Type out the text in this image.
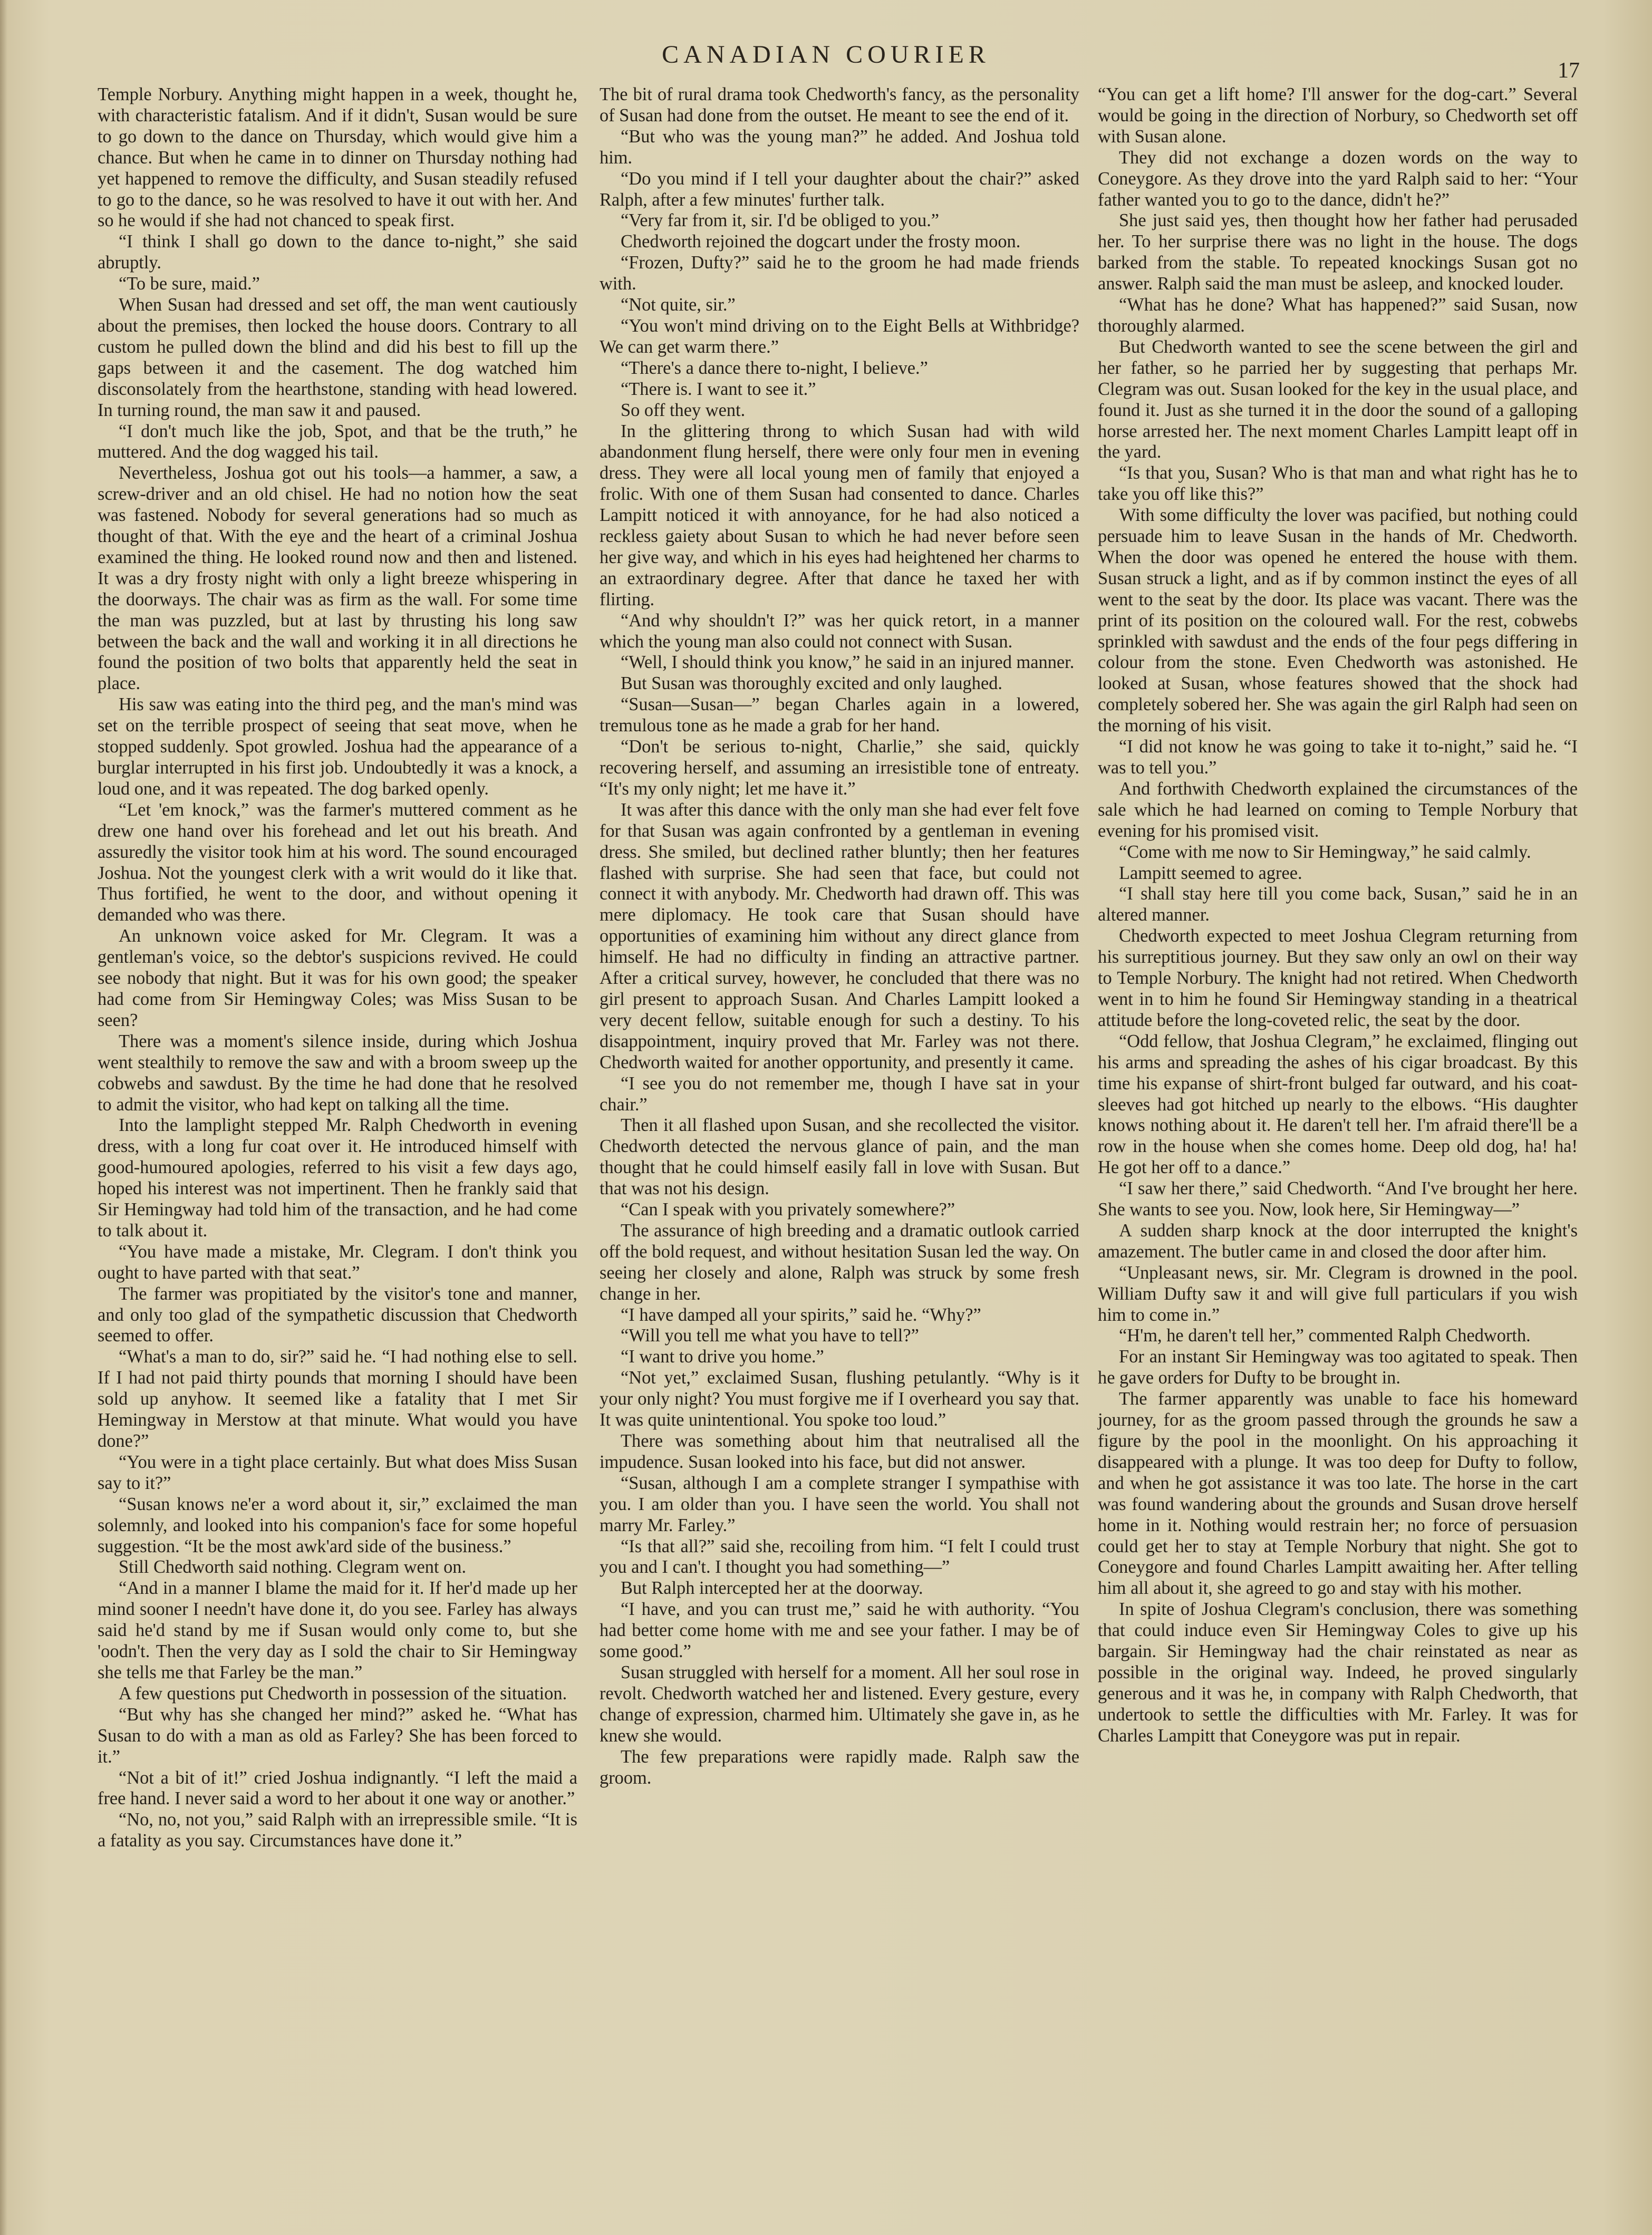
CANADIAN COURIER
17

Temple Norbury. Anything might happen in a week, thought he, with characteristic fatalism. And if it didn't, Susan would be sure to go down to the dance on Thursday, which would give him a chance. But when he came in to dinner on Thursday nothing had yet happened to remove the difficulty, and Susan steadily refused to go to the dance, so he was resolved to have it out with her. And so he would if she had not chanced to speak first.

“I think I shall go down to the dance to-night,” she said abruptly.

“To be sure, maid.”

When Susan had dressed and set off, the man went cautiously about the premises, then locked the house doors. Contrary to all custom he pulled down the blind and did his best to fill up the gaps between it and the casement. The dog watched him disconsolately from the hearthstone, standing with head lowered. In turning round, the man saw it and paused.

“I don't much like the job, Spot, and that be the truth,” he muttered. And the dog wagged his tail.

Nevertheless, Joshua got out his tools—a hammer, a saw, a screw-driver and an old chisel. He had no notion how the seat was fastened. Nobody for several generations had so much as thought of that. With the eye and the heart of a criminal Joshua examined the thing. He looked round now and then and listened. It was a dry frosty night with only a light breeze whispering in the doorways. The chair was as firm as the wall. For some time the man was puzzled, but at last by thrusting his long saw between the back and the wall and working it in all directions he found the position of two bolts that apparently held the seat in place.

His saw was eating into the third peg, and the man's mind was set on the terrible prospect of seeing that seat move, when he stopped suddenly. Spot growled. Joshua had the appearance of a burglar interrupted in his first job. Undoubtedly it was a knock, a loud one, and it was repeated. The dog barked openly.

“Let 'em knock,” was the farmer's muttered comment as he drew one hand over his forehead and let out his breath. And assuredly the visitor took him at his word. The sound encouraged Joshua. Not the youngest clerk with a writ would do it like that. Thus fortified, he went to the door, and without opening it demanded who was there.

An unknown voice asked for Mr. Clegram. It was a gentleman's voice, so the debtor's suspicions revived. He could see nobody that night. But it was for his own good; the speaker had come from Sir Hemingway Coles; was Miss Susan to be seen?

There was a moment's silence inside, during which Joshua went stealthily to remove the saw and with a broom sweep up the cobwebs and sawdust. By the time he had done that he resolved to admit the visitor, who had kept on talking all the time.

Into the lamplight stepped Mr. Ralph Chedworth in evening dress, with a long fur coat over it. He introduced himself with good-humoured apologies, referred to his visit a few days ago, hoped his interest was not impertinent. Then he frankly said that Sir Hemingway had told him of the transaction, and he had come to talk about it.

“You have made a mistake, Mr. Clegram. I don't think you ought to have parted with that seat.”

The farmer was propitiated by the visitor's tone and manner, and only too glad of the sympathetic discussion that Chedworth seemed to offer.

“What's a man to do, sir?” said he. “I had nothing else to sell. If I had not paid thirty pounds that morning I should have been sold up anyhow. It seemed like a fatality that I met Sir Hemingway in Merstow at that minute. What would you have done?”

“You were in a tight place certainly. But what does Miss Susan say to it?”

“Susan knows ne'er a word about it, sir,” exclaimed the man solemnly, and looked into his companion's face for some hopeful suggestion. “It be the most awk'ard side of the business.”

Still Chedworth said nothing. Clegram went on.

“And in a manner I blame the maid for it. If her'd made up her mind sooner I needn't have done it, do you see. Farley has always said he'd stand by me if Susan would only come to, but she 'oodn't. Then the very day as I sold the chair to Sir Hemingway she tells me that Farley be the man.”

A few questions put Chedworth in possession of the situation.

“But why has she changed her mind?” asked he. “What has Susan to do with a man as old as Farley? She has been forced to it.”

“Not a bit of it!” cried Joshua indignantly. “I left the maid a free hand. I never said a word to her about it one way or another.”

“No, no, not you,” said Ralph with an irrepressible smile. “It is a fatality as you say. Circumstances have done it.”

The bit of rural drama took Chedworth's fancy, as the personality of Susan had done from the outset. He meant to see the end of it.

“But who was the young man?” he added. And Joshua told him.

“Do you mind if I tell your daughter about the chair?” asked Ralph, after a few minutes' further talk.

“Very far from it, sir. I'd be obliged to you.”

Chedworth rejoined the dogcart under the frosty moon.

“Frozen, Dufty?” said he to the groom he had made friends with.

“Not quite, sir.”

“You won't mind driving on to the Eight Bells at Withbridge? We can get warm there.”

“There's a dance there to-night, I believe.”

“There is. I want to see it.”

So off they went.

In the glittering throng to which Susan had with wild abandonment flung herself, there were only four men in evening dress. They were all local young men of family that enjoyed a frolic. With one of them Susan had consented to dance. Charles Lampitt noticed it with annoyance, for he had also noticed a reckless gaiety about Susan to which he had never before seen her give way, and which in his eyes had heightened her charms to an extraordinary degree. After that dance he taxed her with flirting.

“And why shouldn't I?” was her quick retort, in a manner which the young man also could not connect with Susan.

“Well, I should think you know,” he said in an injured manner.

But Susan was thoroughly excited and only laughed.

“Susan—Susan—” began Charles again in a lowered, tremulous tone as he made a grab for her hand.

“Don't be serious to-night, Charlie,” she said, quickly recovering herself, and assuming an irresistible tone of entreaty. “It's my only night; let me have it.”

It was after this dance with the only man she had ever felt fove for that Susan was again confronted by a gentleman in evening dress. She smiled, but declined rather bluntly; then her features flashed with surprise. She had seen that face, but could not connect it with anybody. Mr. Chedworth had drawn off. This was mere diplomacy. He took care that Susan should have opportunities of examining him without any direct glance from himself. He had no difficulty in finding an attractive partner. After a critical survey, however, he concluded that there was no girl present to approach Susan. And Charles Lampitt looked a very decent fellow, suitable enough for such a destiny. To his disappointment, inquiry proved that Mr. Farley was not there. Chedworth waited for another opportunity, and presently it came.

“I see you do not remember me, though I have sat in your chair.”

Then it all flashed upon Susan, and she recollected the visitor. Chedworth detected the nervous glance of pain, and the man thought that he could himself easily fall in love with Susan. But that was not his design.

“Can I speak with you privately somewhere?”

The assurance of high breeding and a dramatic outlook carried off the bold request, and without hesitation Susan led the way. On seeing her closely and alone, Ralph was struck by some fresh change in her.

“I have damped all your spirits,” said he. “Why?”

“Will you tell me what you have to tell?”

“I want to drive you home.”

“Not yet,” exclaimed Susan, flushing petulantly. “Why is it your only night? You must forgive me if I overheard you say that. It was quite unintentional. You spoke too loud.”

There was something about him that neutralised all the impudence. Susan looked into his face, but did not answer.

“Susan, although I am a complete stranger I sympathise with you. I am older than you. I have seen the world. You shall not marry Mr. Farley.”

“Is that all?” said she, recoiling from him. “I felt I could trust you and I can't. I thought you had something—”

But Ralph intercepted her at the doorway.

“I have, and you can trust me,” said he with authority. “You had better come home with me and see your father. I may be of some good.”

Susan struggled with herself for a moment. All her soul rose in revolt. Chedworth watched her and listened. Every gesture, every change of expression, charmed him. Ultimately she gave in, as he knew she would.

The few preparations were rapidly made. Ralph saw the groom.

“You can get a lift home? I'll answer for the dog-cart.” Several would be going in the direction of Norbury, so Chedworth set off with Susan alone.

They did not exchange a dozen words on the way to Coneygore. As they drove into the yard Ralph said to her: “Your father wanted you to go to the dance, didn't he?”

She just said yes, then thought how her father had perusaded her. To her surprise there was no light in the house. The dogs barked from the stable. To repeated knockings Susan got no answer. Ralph said the man must be asleep, and knocked louder.

“What has he done? What has happened?” said Susan, now thoroughly alarmed.

But Chedworth wanted to see the scene between the girl and her father, so he parried her by suggesting that perhaps Mr. Clegram was out. Susan looked for the key in the usual place, and found it. Just as she turned it in the door the sound of a galloping horse arrested her. The next moment Charles Lampitt leapt off in the yard.

“Is that you, Susan? Who is that man and what right has he to take you off like this?”

With some difficulty the lover was pacified, but nothing could persuade him to leave Susan in the hands of Mr. Chedworth. When the door was opened he entered the house with them. Susan struck a light, and as if by common instinct the eyes of all went to the seat by the door. Its place was vacant. There was the print of its position on the coloured wall. For the rest, cobwebs sprinkled with sawdust and the ends of the four pegs differing in colour from the stone. Even Chedworth was astonished. He looked at Susan, whose features showed that the shock had completely sobered her. She was again the girl Ralph had seen on the morning of his visit.

“I did not know he was going to take it to-night,” said he. “I was to tell you.”

And forthwith Chedworth explained the circumstances of the sale which he had learned on coming to Temple Norbury that evening for his promised visit.

“Come with me now to Sir Hemingway,” he said calmly.

Lampitt seemed to agree.

“I shall stay here till you come back, Susan,” said he in an altered manner.

Chedworth expected to meet Joshua Clegram returning from his surreptitious journey. But they saw only an owl on their way to Temple Norbury. The knight had not retired. When Chedworth went in to him he found Sir Hemingway standing in a theatrical attitude before the long-coveted relic, the seat by the door.

“Odd fellow, that Joshua Clegram,” he exclaimed, flinging out his arms and spreading the ashes of his cigar broadcast. By this time his expanse of shirt-front bulged far outward, and his coat-sleeves had got hitched up nearly to the elbows. “His daughter knows nothing about it. He daren't tell her. I'm afraid there'll be a row in the house when she comes home. Deep old dog, ha! ha! He got her off to a dance.”

“I saw her there,” said Chedworth. “And I've brought her here. She wants to see you. Now, look here, Sir Hemingway—”

A sudden sharp knock at the door interrupted the knight's amazement. The butler came in and closed the door after him.

“Unpleasant news, sir. Mr. Clegram is drowned in the pool. William Dufty saw it and will give full particulars if you wish him to come in.”

“H'm, he daren't tell her,” commented Ralph Chedworth.

For an instant Sir Hemingway was too agitated to speak. Then he gave orders for Dufty to be brought in.

The farmer apparently was unable to face his homeward journey, for as the groom passed through the grounds he saw a figure by the pool in the moonlight. On his approaching it disappeared with a plunge. It was too deep for Dufty to follow, and when he got assistance it was too late. The horse in the cart was found wandering about the grounds and Susan drove herself home in it. Nothing would restrain her; no force of persuasion could get her to stay at Temple Norbury that night. She got to Coneygore and found Charles Lampitt awaiting her. After telling him all about it, she agreed to go and stay with his mother.

In spite of Joshua Clegram's conclusion, there was something that could induce even Sir Hemingway Coles to give up his bargain. Sir Hemingway had the chair reinstated as near as possible in the original way. Indeed, he proved singularly generous and it was he, in company with Ralph Chedworth, that undertook to settle the difficulties with Mr. Farley. It was for Charles Lampitt that Coneygore was put in repair.
